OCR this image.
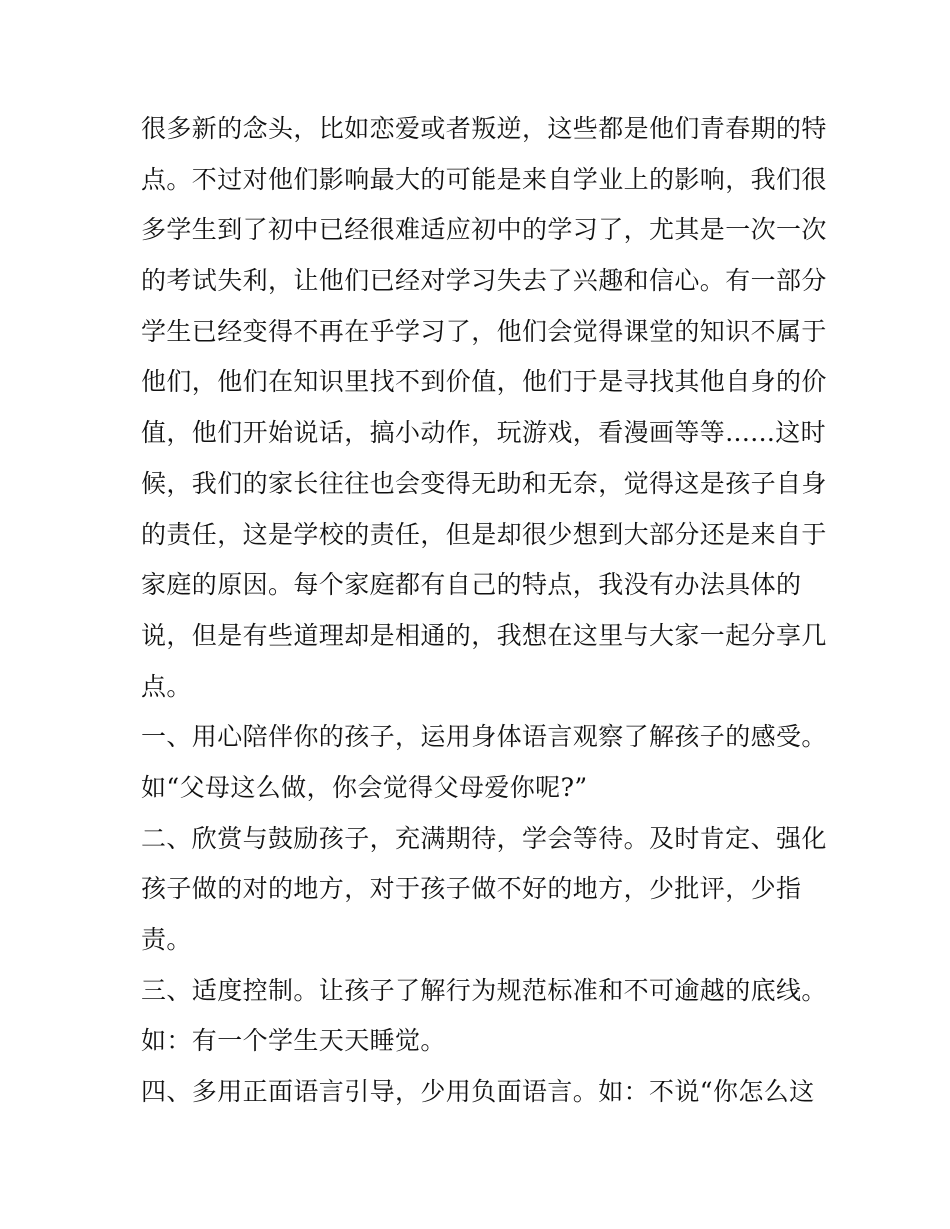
很多新的念头，比如恋爱或者叛逆，这些都是他们青春期的特
点。不过对他们影响最大的可能是来自学业上的影响，我们很
多学生到了初中已经很难适应初中的学习了，尤其是一次一次
的考试失利，让他们已经对学习失去了兴趣和信心。有一部分
学生已经变得不再在乎学习了，他们会觉得课堂的知识不属于
他们，他们在知识里找不到价值，他们于是寻找其他自身的价
值，他们开始说话，搞小动作，玩游戏，看漫画等等......这时
候，我们的家长往往也会变得无助和无奈，觉得这是孩子自身
的责任，这是学校的责任，但是却很少想到大部分还是来自于
家庭的原因。每个家庭都有自己的特点，我没有办法具体的
说，但是有些道理却是相通的，我想在这里与大家一起分享几
点。
一、用心陪伴你的孩子，运用身体语言观察了解孩子的感受。
如“父母这么做，你会觉得父母爱你呢?”
二、欣赏与鼓励孩子，充满期待，学会等待。及时肯定、强化
孩子做的对的地方，对于孩子做不好的地方，少批评，少指
责。
三、适度控制。让孩子了解行为规范标准和不可逾越的底线。
如：有一个学生天天睡觉。
四、多用正面语言引导，少用负面语言。如：不说“你怎么这
